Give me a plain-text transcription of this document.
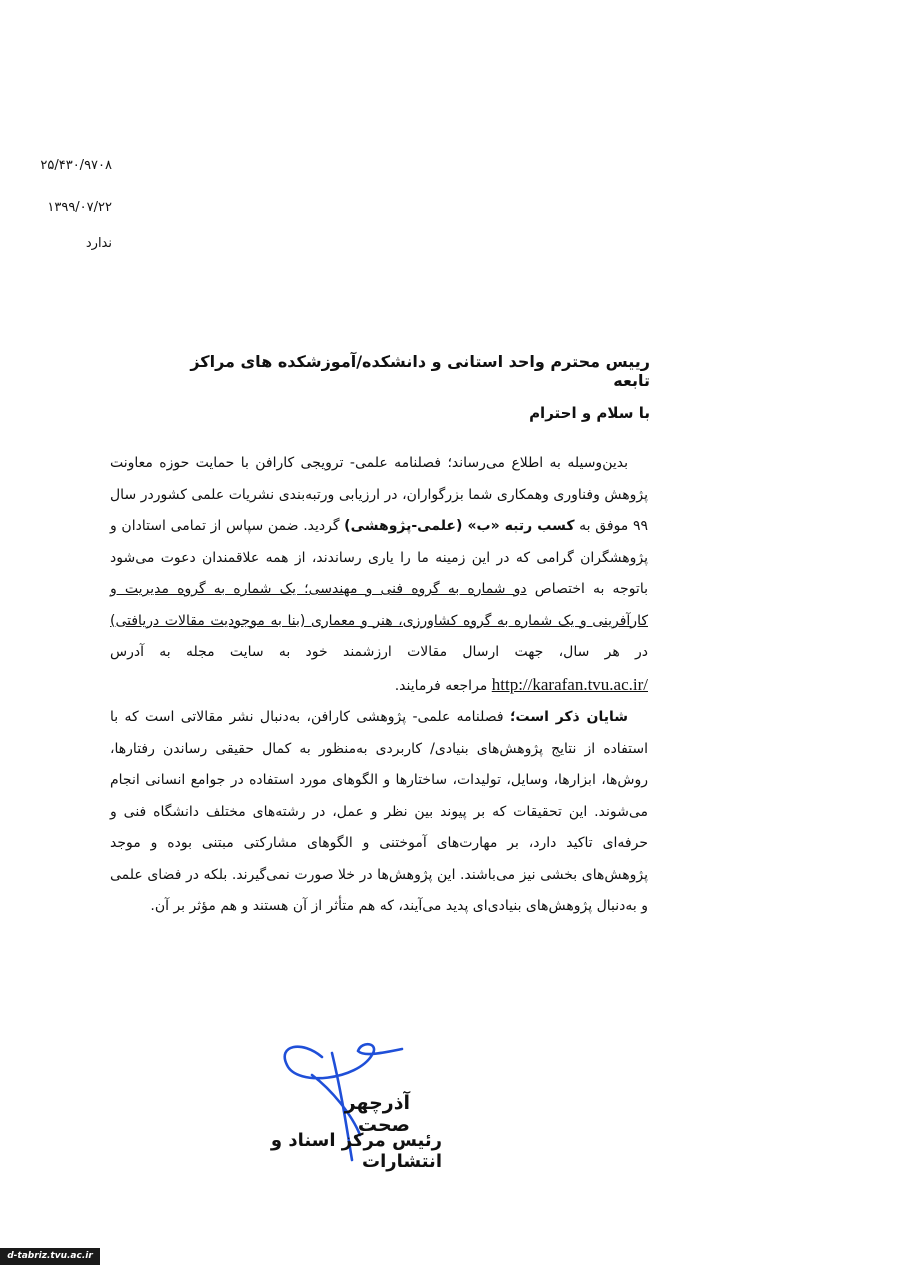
۲۵/۴۳۰/۹۷۰۸
۱۳۹۹/۰۷/۲۲
ندارد
رییس محترم واحد استانی و دانشکده/آموزشکده های مراکز تابعه
با سلام و احترام

بدین‌وسیله به اطلاع می‌رساند؛ فصلنامه علمی- ترویجی کارافن با حمایت حوزه معاونت پژوهش وفناوری وهمکاری شما بزرگواران، در ارزیابی ورتبه‌بندی نشریات علمی کشوردر سال ۹۹ موفق به کسب رتبه «ب» (علمی-پژوهشی) گردید. ضمن سپاس از تمامی استادان و پژوهشگران گرامی که در این زمینه ما را یاری رساندند، از همه علاقمندان دعوت می‌شود باتوجه به اختصاص دو شماره به گروه فنی و مهندسی؛ یک شماره به گروه مدیریت و کارآفرینی و یک شماره به گروه کشاورزی، هنر و معماری (بنا به موجودیت مقالات دریافتی) در هر سال، جهت ارسال مقالات ارزشمند خود به سایت مجله به آدرس http://karafan.tvu.ac.ir/ مراجعه فرمایند.

شایان ذکر است؛ فصلنامه علمی- پژوهشی کارافن، به‌دنبال نشر مقالاتی است که با استفاده از نتایج پژوهش‌های بنیادی/ کاربردی به‌منظور به کمال حقیقی رساندن رفتارها، روش‌ها، ابزارها، وسایل، تولیدات، ساختارها و الگوهای مورد استفاده در جوامع انسانی انجام می‌شوند. این تحقیقات که بر پیوند بین نظر و عمل، در رشته‌های مختلف دانشگاه فنی و حرفه‌ای تاکید دارد، بر مهارت‌های آموختنی و الگوهای مشارکتی مبتنی بوده و موجد پژوهش‌های بخشی نیز می‌باشند. این پژوهش‌ها در خلا صورت نمی‌گیرند. بلکه در فضای علمی و به‌دنبال پژوهش‌های بنیادی‌ای پدید می‌آیند، که هم متأثر از آن هستند و هم مؤثر بر آن.

آذرچهر صحت
رئیس مرکز اسناد و انتشارات
d-tabriz.tvu.ac.ir
